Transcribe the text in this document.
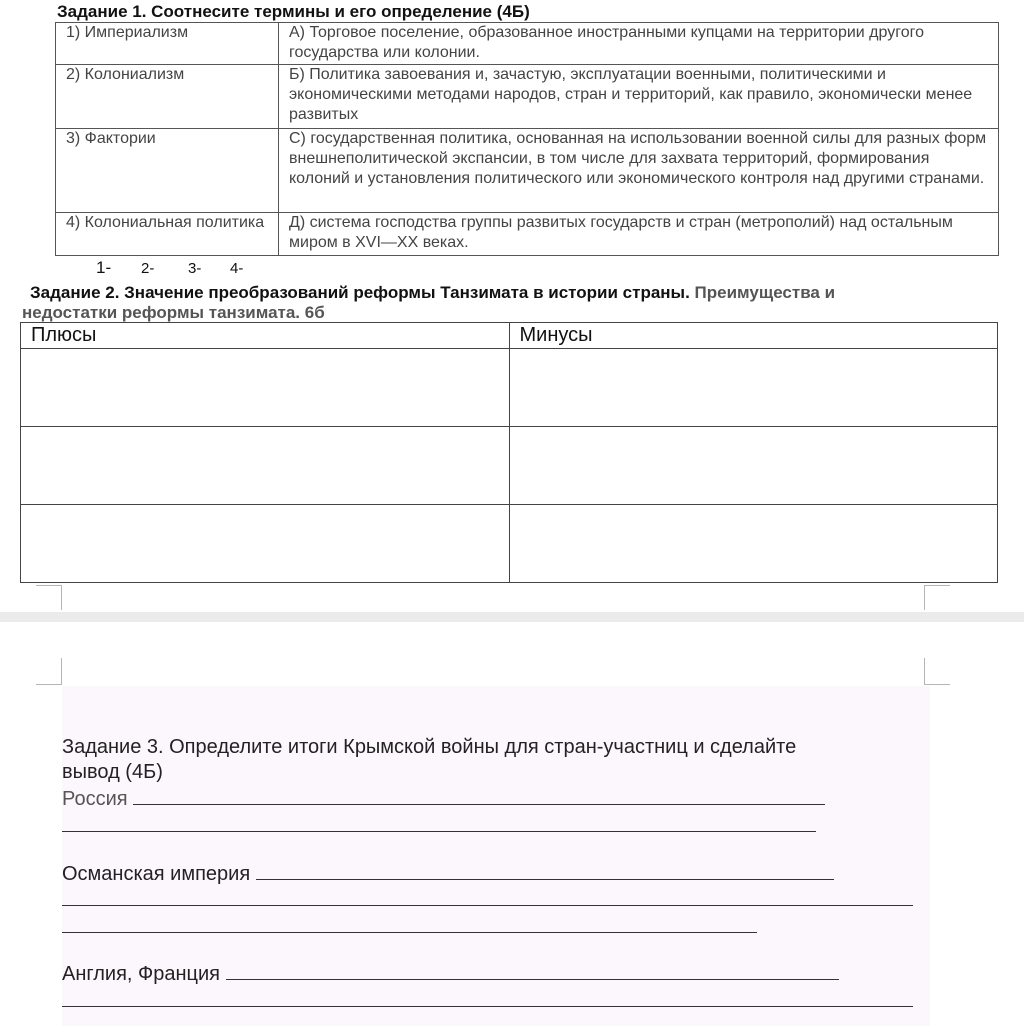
Задание 1. Соотнесите термины и его определение (4Б)
1) Империализм	А) Торговое поселение, образованное иностранными купцами на территории другого государства или колонии.
2) Колониализм	Б) Политика завоевания и, зачастую, эксплуатации военными, политическими и экономическими методами народов, стран и территорий, как правило, экономически менее развитых
3) Фактории	С) государственная политика, основанная на использовании военной силы для разных форм внешнеполитической экспансии, в том числе для захвата территорий, формирования колоний и установления политического или экономического контроля над другими странами.
4) Колониальная политика	Д) система господства группы развитых государств и стран (метрополий) над остальным миром в XVI—XX веках.
1- 2- 3- 4-
Задание 2. Значение преобразований реформы Танзимата в истории страны. Преимущества и
недостатки реформы танзимата. 6б
Плюсы	Минусы

Задание 3. Определите итоги Крымской войны для стран-участниц и сделайте
вывод (4Б)
Россия
Османская империя
Англия, Франция
